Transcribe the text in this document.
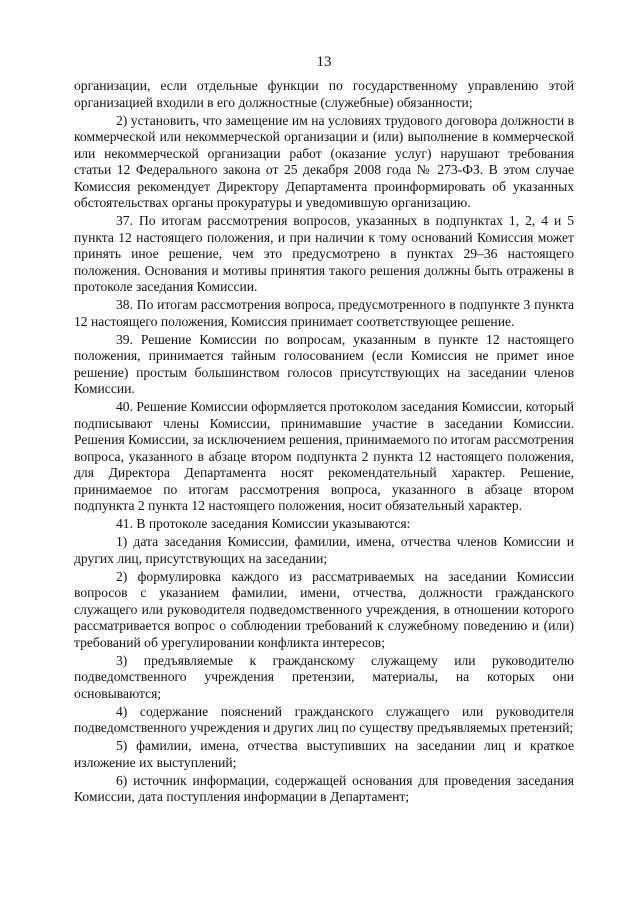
13

организации, если отдельные функции по государственному управлению этой организацией входили в его должностные (служебные) обязанности;

2) установить, что замещение им на условиях трудового договора должности в коммерческой или некоммерческой организации и (или) выполнение в коммерческой или некоммерческой организации работ (оказание услуг) нарушают требования статьи 12 Федерального закона от 25 декабря 2008 года № 273-ФЗ. В этом случае Комиссия рекомендует Директору Департамента проинформировать об указанных обстоятельствах органы прокуратуры и уведомившую организацию.

37. По итогам рассмотрения вопросов, указанных в подпунктах 1, 2, 4 и 5 пункта 12 настоящего положения, и при наличии к тому оснований Комиссия может принять иное решение, чем это предусмотрено в пунктах 29–36 настоящего положения. Основания и мотивы принятия такого решения должны быть отражены в протоколе заседания Комиссии.

38. По итогам рассмотрения вопроса, предусмотренного в подпункте 3 пункта 12 настоящего положения, Комиссия принимает соответствующее решение.

39. Решение Комиссии по вопросам, указанным в пункте 12 настоящего положения, принимается тайным голосованием (если Комиссия не примет иное решение) простым большинством голосов присутствующих на заседании членов Комиссии.

40. Решение Комиссии оформляется протоколом заседания Комиссии, который подписывают члены Комиссии, принимавшие участие в заседании Комиссии. Решения Комиссии, за исключением решения, принимаемого по итогам рассмотрения вопроса, указанного в абзаце втором подпункта 2 пункта 12 настоящего положения, для Директора Департамента носят рекомендательный характер. Решение, принимаемое по итогам рассмотрения вопроса, указанного в абзаце втором подпункта 2 пункта 12 настоящего положения, носит обязательный характер.

41. В протоколе заседания Комиссии указываются:

1) дата заседания Комиссии, фамилии, имена, отчества членов Комиссии и других лиц, присутствующих на заседании;

2) формулировка каждого из рассматриваемых на заседании Комиссии вопросов с указанием фамилии, имени, отчества, должности гражданского служащего или руководителя подведомственного учреждения, в отношении которого рассматривается вопрос о соблюдении требований к служебному поведению и (или) требований об урегулировании конфликта интересов;

3) предъявляемые к гражданскому служащему или руководителю подведомственного учреждения претензии, материалы, на которых они основываются;

4) содержание пояснений гражданского служащего или руководителя подведомственного учреждения и других лиц по существу предъявляемых претензий;

5) фамилии, имена, отчества выступивших на заседании лиц и краткое изложение их выступлений;

6) источник информации, содержащей основания для проведения заседания Комиссии, дата поступления информации в Департамент;
